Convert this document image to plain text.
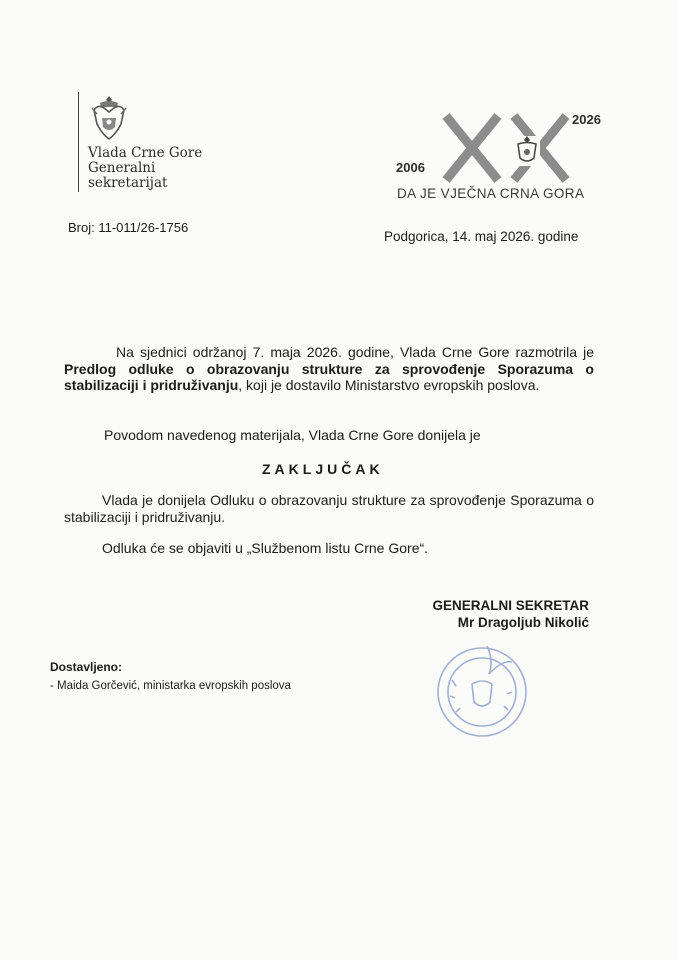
Vlada Crne Gore
Generalni
sekretarijat
2006
2026
DA JE VJEČNA CRNA GORA
Broj: 11-011/26-1756
Podgorica, 14. maj 2026. godine
Na sjednici održanoj 7. maja 2026. godine, Vlada Crne Gore razmotrila je Predlog odluke o obrazovanju strukture za sprovođenje Sporazuma o stabilizaciji i pridruživanju, koji je dostavilo Ministarstvo evropskih poslova.
Povodom navedenog materijala, Vlada Crne Gore donijela je
ZAKLJUČAK
Vlada je donijela Odluku o obrazovanju strukture za sprovođenje Sporazuma o stabilizaciji i pridruživanju.
Odluka će se objaviti u „Službenom listu Crne Gore“.
GENERALNI SEKRETAR
Mr Dragoljub Nikolić
Dostavljeno:
- Maida Gorčević, ministarka evropskih poslova
